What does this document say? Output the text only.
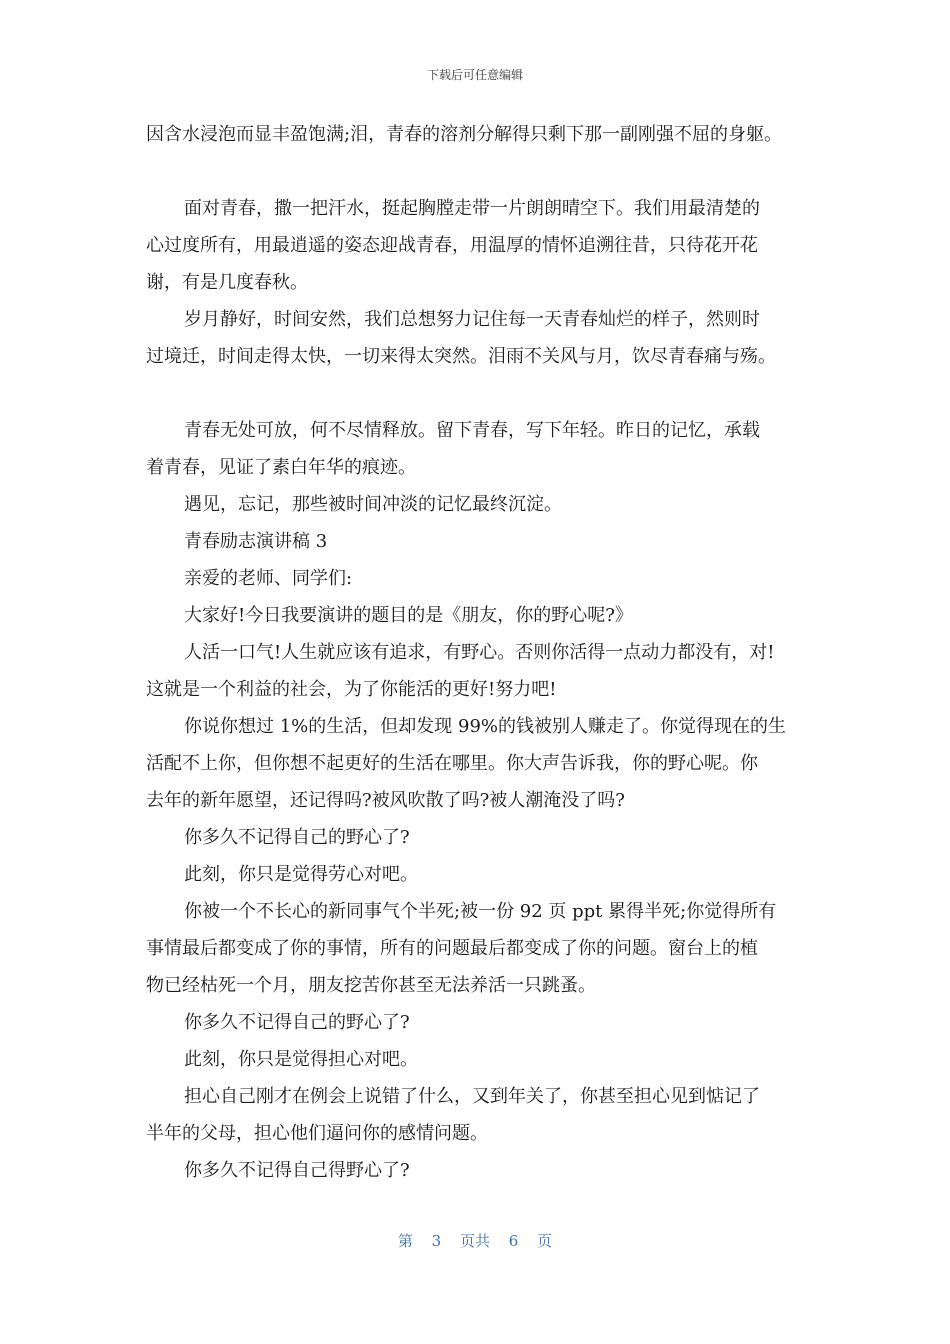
下载后可任意编辑
因含水浸泡而显丰盈饱满;泪，青春的溶剂分解得只剩下那一副刚强不屈的身躯。
面对青春，撒一把汗水，挺起胸膛走带一片朗朗晴空下。我们用最清楚的
心过度所有，用最逍遥的姿态迎战青春，用温厚的情怀追溯往昔，只待花开花
谢，有是几度春秋。
岁月静好，时间安然，我们总想努力记住每一天青春灿烂的样子，然则时
过境迁，时间走得太快，一切来得太突然。泪雨不关风与月，饮尽青春痛与殇。
青春无处可放，何不尽情释放。留下青春，写下年轻。昨日的记忆，承载
着青春，见证了素白年华的痕迹。
遇见，忘记，那些被时间冲淡的记忆最终沉淀。
青春励志演讲稿 3
亲爱的老师、同学们:
大家好!今日我要演讲的题目的是《朋友，你的野心呢?》
人活一口气!人生就应该有追求，有野心。否则你活得一点动力都没有，对!
这就是一个利益的社会，为了你能活的更好!努力吧!
你说你想过 1%的生活，但却发现 99%的钱被别人赚走了。你觉得现在的生
活配不上你，但你想不起更好的生活在哪里。你大声告诉我，你的野心呢。你
去年的新年愿望，还记得吗?被风吹散了吗?被人潮淹没了吗?
你多久不记得自己的野心了?
此刻，你只是觉得劳心对吧。
你被一个不长心的新同事气个半死;被一份 92 页 ppt 累得半死;你觉得所有
事情最后都变成了你的事情，所有的问题最后都变成了你的问题。窗台上的植
物已经枯死一个月，朋友挖苦你甚至无法养活一只跳蚤。
你多久不记得自己的野心了?
此刻，你只是觉得担心对吧。
担心自己刚才在例会上说错了什么，又到年关了，你甚至担心见到惦记了
半年的父母，担心他们逼问你的感情问题。
你多久不记得自己得野心了?
第 3 页共 6 页
